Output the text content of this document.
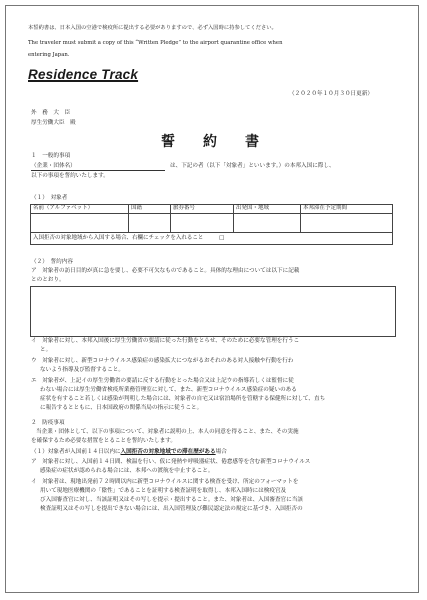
本誓約書は、日本入国の空港で検疫所に提出する必要がありますので、必ず入国時に持参してください。
The traveler must submit a copy of this “Written Pledge” to the airport quarantine office when
entering Japan.
Residence Track
（２０２０年１０月３０日更新）
外　務　大　臣
厚生労働大臣　殿
誓　約　書
１　一般的事項
（企業・団体名）	は、下記の者（以下「対象者」といいます。）の本邦入国に際し、
以下の事項を誓約いたします。
（１）　対象者
名前（アルファベット）	国籍	旅券番号	出発国・地域	本邦滞在予定期間

入国拒否の対象地域から入国する場合、右欄にチェックを入れること □				
（２）　誓約内容
ア　対象者の訪日目的が真に急を要し、必要不可欠なものであること。具体的な理由については以下に記載
とのとおり。
イ　対象者に対し、本邦入国後に厚生労働省の要請に従った行動をとらせ、そのために必要な管理を行うこ
と。
ウ　対象者に対し、新型コロナウイルス感染症の感染拡大につながるおそれのある対人接触や行動を行わ
ないよう指導及び監督すること。
エ　対象者が、上記イの厚生労働省の要請に反する行動をとった場合又は上記ウの指導若しくは監督に従
わない場合には厚生労働省検疫所業務管理室に対して、また、新型コロナウイルス感染症の疑いのある
症状を有すること若しくは感染が判明した場合には、対象者の自宅又は宿泊場所を管轄する保健所に対して、直ち
に報告するとともに、日本国政府の関係当局の指示に従うこと。
２　防疫事項
当企業・団体として、以下の事項について、対象者に説明の上、本人の同意を得ること、また、その実施
を確保するため必要な措置をとることを誓約いたします。
（１）対象者が入国前１４日以内に入国拒否の対象地域での滞在歴がある場合
ア　対象者に対し、入国前１４日間、検温を行い、仮に発熱や呼吸器症状、倦怠感等を含む新型コロナウイルス
感染症の症状が認められる場合には、本邦への渡航を中止すること。
イ　対象者は、現地出発前７２時間以内に新型コロナウイルスに関する検査を受け、所定のフォーマットを
用いて現地医療機関の「陰性」であることを証明する検査証明を取得し、本邦入国時には検疫官及
び入国審査官に対し、当該証明又はその写しを提示・提出すること。また、対象者は、入国審査官に当該
検査証明又はその写しを提出できない場合には、出入国管理及び難民認定法の規定に基づき、入国拒否の
